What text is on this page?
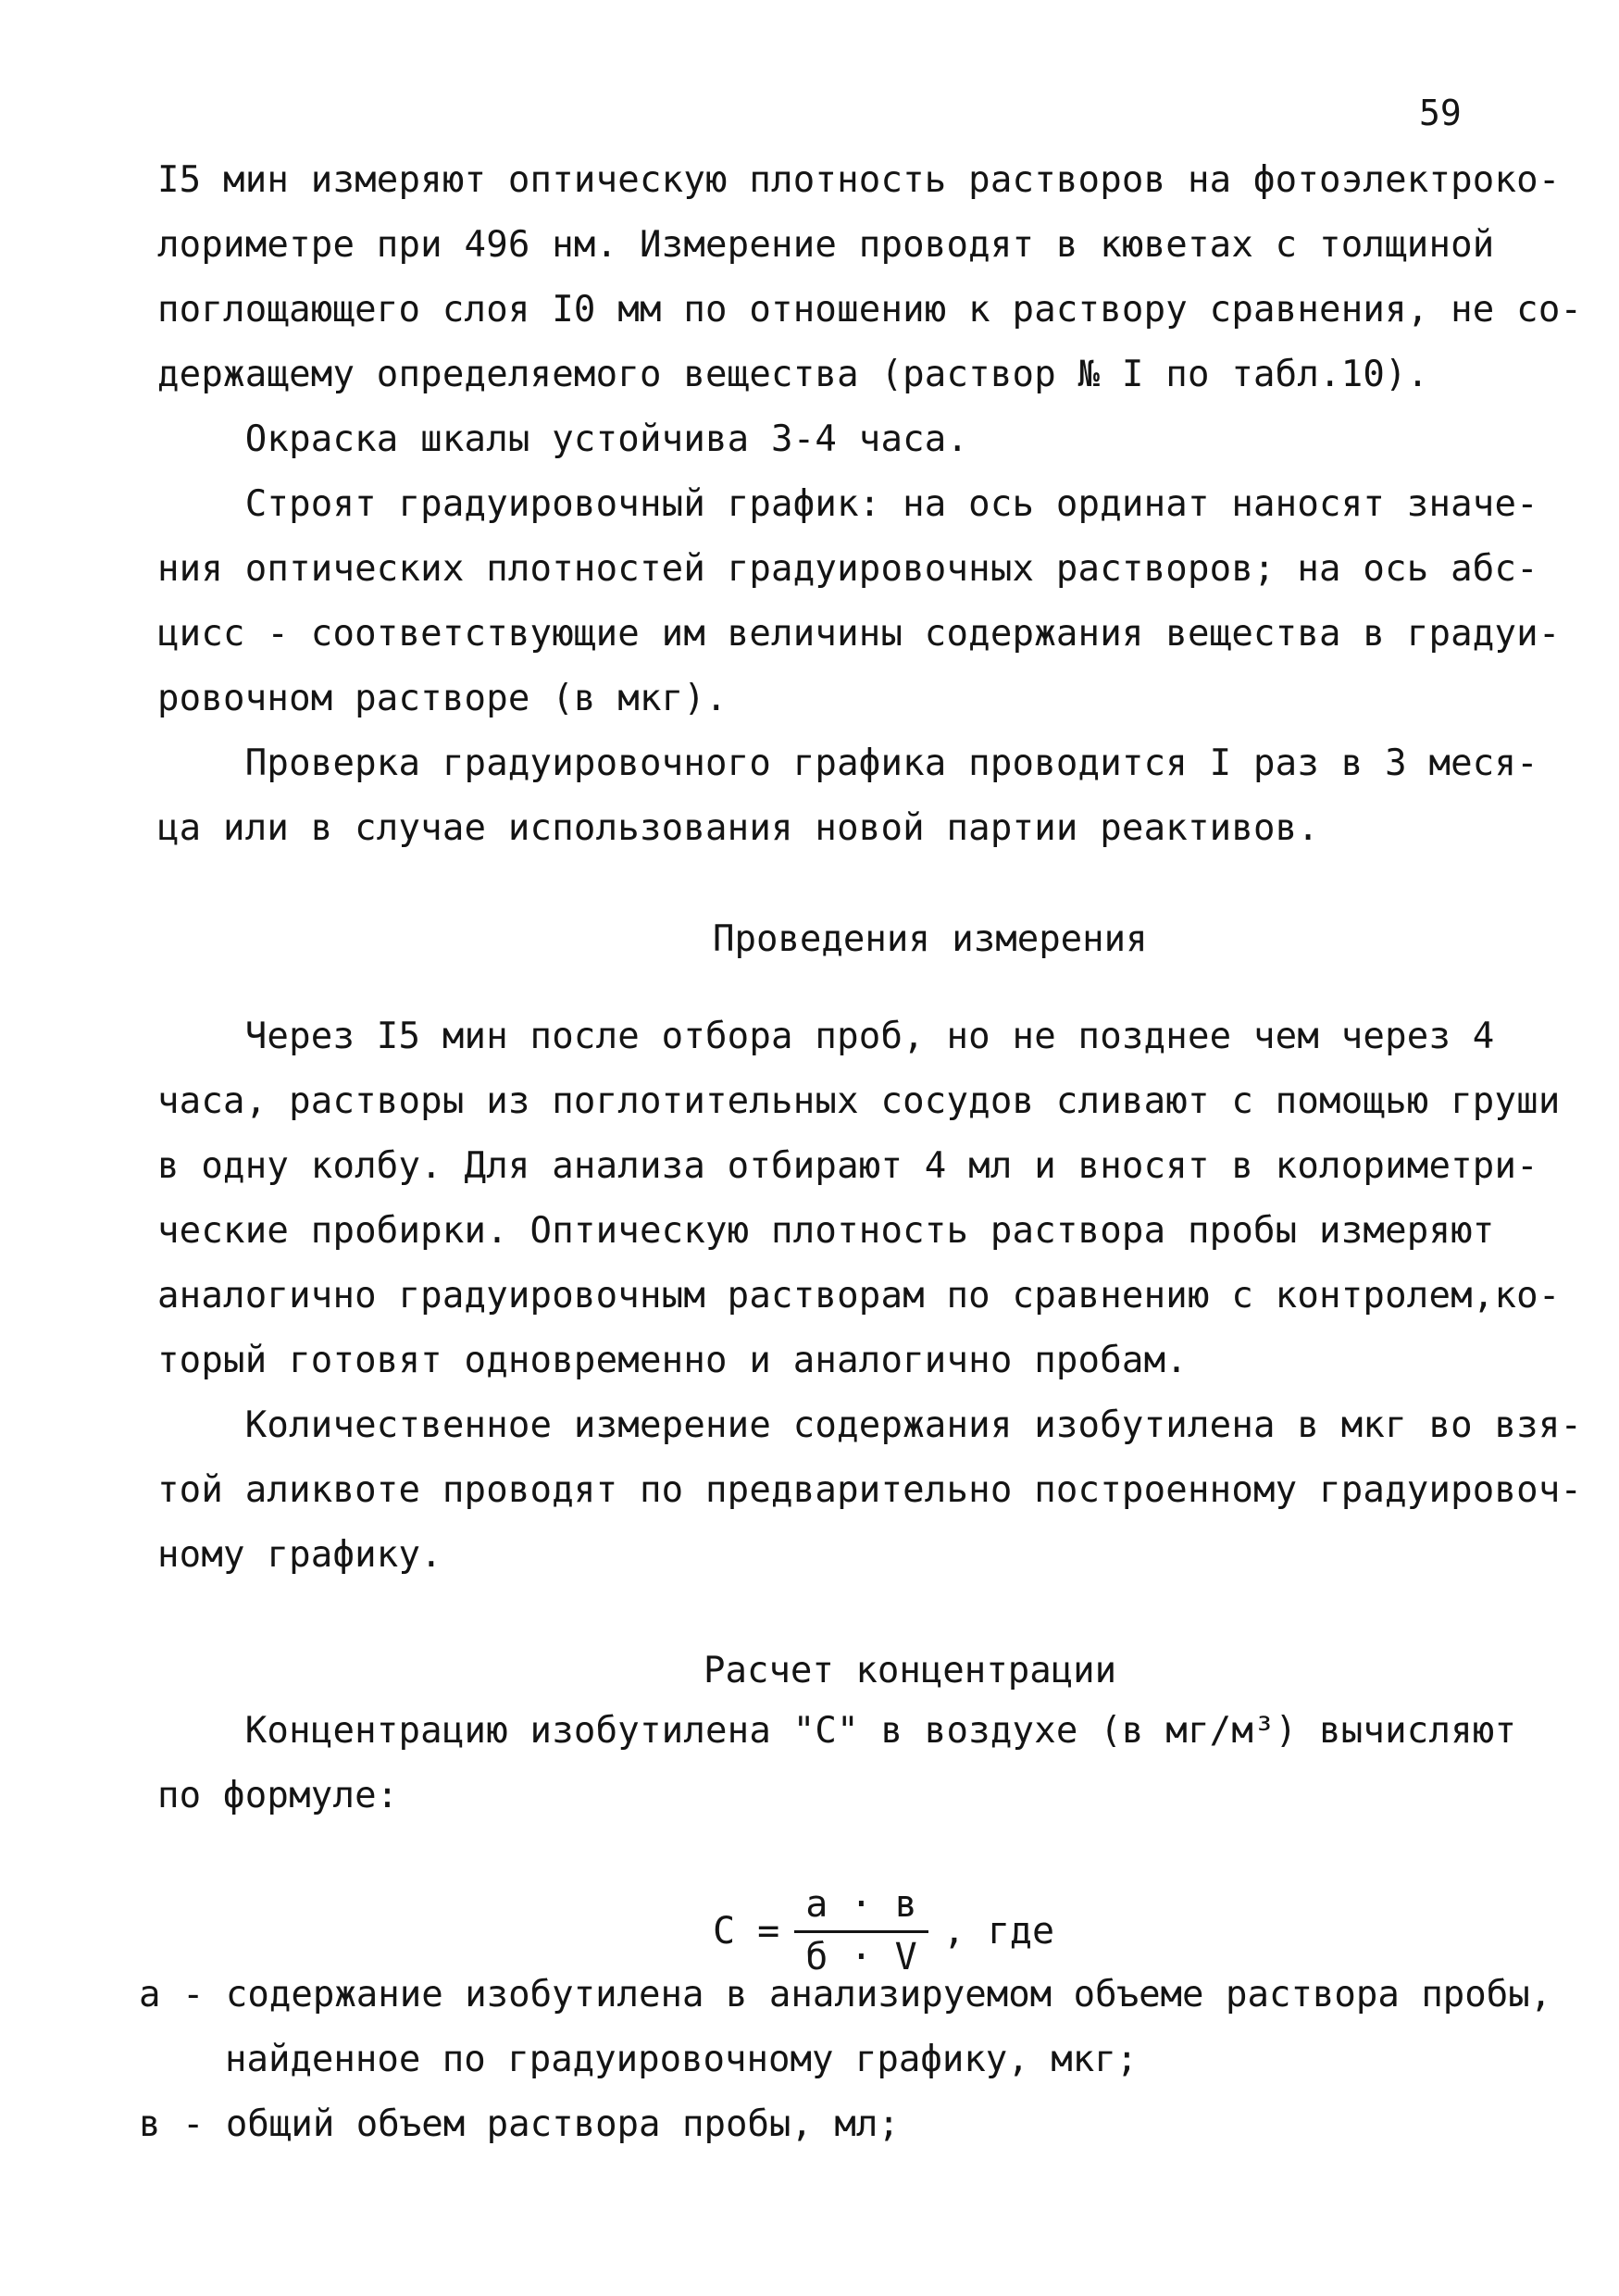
59
I5 мин измеряют оптическую плотность растворов на фотоэлектроко-
лориметре при 496 нм. Измерение проводят в кюветах с толщиной
поглощающего слоя I0 мм по отношению к раствору сравнения, не со-
держащему определяемого вещества (раствор № I по табл.10).
Окраска шкалы устойчива 3-4 часа.
Строят градуировочный график: на ось ординат наносят значе-
ния оптических плотностей градуировочных растворов; на ось абс-
цисс - соответствующие им величины содержания вещества в градуи-
ровочном растворе (в мкг).
Проверка градуировочного графика проводится I раз в 3 меся-
ца или в случае использования новой партии реактивов.
Проведения измерения
Через I5 мин после отбора проб, но не позднее чем через 4
часа, растворы из поглотительных сосудов сливают с помощью груши
в одну колбу. Для анализа отбирают 4 мл и вносят в колориметри-
ческие пробирки. Оптическую плотность раствора пробы измеряют
аналогично градуировочным растворам по сравнению с контролем,ко-
торый готовят одновременно и аналогично пробам.
Количественное измерение содержания изобутилена в мкг во взя-
той аликвоте проводят по предварительно построенному градуировоч-
ному графику.
Расчет концентрации
Концентрацию изобутилена "С" в воздухе (в мг/м³) вычисляют
по формуле:
$С = \frac{а \cdot в}{б \cdot V}$ , где
а - содержание изобутилена в анализируемом объеме раствора пробы,
найденное по градуировочному графику, мкг;
в - общий объем раствора пробы, мл;
